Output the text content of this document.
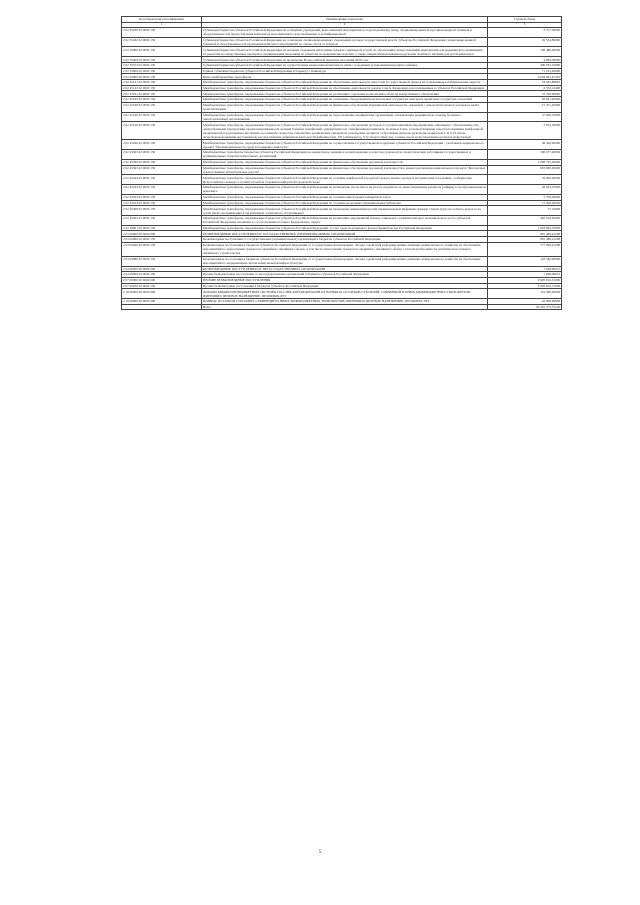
Код бюджетной классификации	Наименование показателя	Годовой объем
1	2	3
2 02 35430 02 0000 150	Субвенции бюджетам субъектов Российской Федерации на оснащение учреждений, выполняющих мероприятия по водоподъемному звену, специализированной противопожарной техникой и оборудованием для предоставления комплексов мероприятий по водоснабжению и дезинфекционной	5 757,50000
2 02 35432 02 0000 150	Субвенции бюджетам субъектов Российской Федерации на оснащение специализированных учреждений органов государственной власти субъектов Российской Федерации специализированной техникой и оборудованием для проведения комплекса мероприятий по охране лесов от пожаров	45 554,80000
2 02 35900 02 0000 150	Субвенции бюджетам субъектов Российской Федерации на оказание отдельным категориям граждан социальной услуги по обеспечению лекарственными препаратами для медицинского применения по рецептам на лекарственные препараты, медицинскими изделиями по рецептам на медицинские изделия, а также специализированными продуктами лечебного питания для детей-инвалидов	109 486,00000
2 02 35469 02 0000 150	Субвенции бюджетам субъектов Российской Федерации на проведение Всероссийской переписи населения 2020 года	4 984,30000
2 02 35573 02 0000 150	Субвенции бюджетам субъектов Российской Федерации на осуществление ежемесячной выплаты в связи с рождением (усыновлением) первого ребенка	300 033,10000
2 02 35900 02 0000 150	Единая субвенция бюджетам субъектов Российской Федерации и бюджету г. Байконура	71 613,20000
2 02 40000 00 0000 150	Иные межбюджетные трансферты	4 644 822,47432
2 02 45141 02 0000 150	Межбюджетные трансферты, передаваемые бюджетам субъектов Российской Федерации на обеспечение деятельности депутатов Государственной Думы и их помощников в избирательных округах	18 645,88802
2 02 45142 02 0000 150	Межбюджетные трансферты, передаваемые бюджетам субъектов Российской Федерации на обеспечение деятельности членов Совета Федерации и их помощников в субъектах Российской Федерации	6 552,12400
2 02 45161 02 0000 150	Межбюджетные трансферты, передаваемые бюджетам субъектов Российской Федерации на реализацию отдельных полномочий в области лекарственного обеспечения	31 700,90000
2 02 45192 02 0000 150	Межбюджетные трансферты, передаваемые бюджетам субъектов Российской Федерации на оснащение оборудованием региональных сосудистых центров и первичных сосудистых отделений	82 841,40000
2 02 45198 02 0000 150	Межбюджетные трансферты, передаваемые бюджетам субъектов Российской Федерации на финансовое обеспечение медицинской деятельности, связанной с донорством органов человека в целях трансплантации	15 471,20000
2 02 45190 02 0000 150	Межбюджетные трансферты, передаваемые бюджетам субъектов Российской Федерации на переоснащение медицинских организаций, оказывающих медицинскую помощь больным с онкологическими заболеваниями	37 906,70000
2 02 45216 02 0000 150	Межбюджетные трансферты, передаваемые бюджетам субъектов Российской Федерации на финансовое обеспечение расходов по организационным мероприятиям, связанным с обеспечением лиц лекарственными препаратами, предназначенными для лечения больных гемофилией, муковисцидозом, гипофизарным нанизмом, болезнью Гоше, злокачественными новообразованиями лимфоидной, кроветворной и родственных им тканей, рассеянным склерозом, гемолитико-уремическим синдромом, юношеским артритом с системным началом, мукополисахаридозом I, II и VI типов, апластической анемией неуточненной, наследственным дефицитом факторов II (фибриногена), VII (лабильного), X (Стюарта-Прауэра), а также после трансплантации органов и (или) тканей	2 812,30000
2 02 45296 02 0000 150	Межбюджетные трансферты, передаваемые бюджетам субъектов Российской Федерации на осуществление государственной поддержки субъектов Российской Федерации - участников национального проекта "Производительность труда и поддержка занятости"	49 500,00000
2 02 45303 02 0000 150	Межбюджетные трансферты бюджетам субъектов Российской Федерации на ежемесячное денежное вознаграждение за классное руководство педагогическим работникам государственных и муниципальных общеобразовательных организаций	390 077,40000
2 02 45390 02 0000 150	Межбюджетные трансферты, передаваемые бюджетам субъектов Российской Федерации на финансовое обеспечение дорожной деятельности	1 998 725,20000
2 02 45393 02 0000 150	Межбюджетные трансферты, передаваемые бюджетам субъектов Российской Федерации на финансовое обеспечение дорожной деятельности в рамках реализации национального проекта "Безопасные и качественные автомобильные дороги"	683 000,00000
2 02 45424 02 0000 150	Межбюджетные трансферты, передаваемые бюджетам субъектов Российской Федерации на создание комфортной городской среды в малых городах и исторических поселениях - победителях Всероссийского конкурса лучших проектов создания комфортной городской среды	70 000,00000
2 02 45433 02 0000 150	Межбюджетные трансферты, передаваемые бюджетам субъектов Российской Федерации на возмещение части затрат на уплату процентов по инвестиционным кредитам (займам) в агропромышленном комплексе	20 954,10000
2 02 45453 02 0000 150	Межбюджетные трансферты, передаваемые бюджетам субъектов Российской Федерации на создание виртуальных концертных залов	5 700,00000
2 02 45454 02 0000 150	Межбюджетные трансферты, передаваемые бюджетам субъектов Российской Федерации на создание модельных муниципальных библиотек	15 000,00000
2 02 45468 02 0000 150	Межбюджетные трансферты, передаваемые бюджетам субъектов Российской Федерации на проведение вакцинации против пневмококковой инфекции граждан старше трудоспособного возраста из групп риска, проживающих в организациях социального обслуживания	57,10000
2 02 45505 02 0000 150	Межбюджетные трансферты, передаваемые бюджетам субъектов Российской Федерации на реализацию мероприятий планов социального развития центров экономического роста субъектов Российской Федерации, входящих в состав Дальневосточного федерального округа	405 504,40000
2 02 49001 02 0000 150	Межбюджетные трансферты, передаваемые бюджетам субъектов Российской Федерации, за счет средств резервного фонда Правительства Российской Федерации	1 043 894,70000
2 03 00000 00 0000 000	БЕЗВОЗМЕЗДНЫЕ ПОСТУПЛЕНИЯ ОТ ГОСУДАРСТВЕННЫХ (МУНИЦИПАЛЬНЫХ) ОРГАНИЗАЦИЙ	881 489,91298
2 03 02000 02 0000 150	Безвозмездные поступления от государственных (муниципальных) организаций в бюджеты субъектов Российской Федерации	881 489,91298
2 03 02040 02 0000 150	Безвозмездные поступления в бюджеты субъектов Российской Федерации от государственной корпорации - Фонда содействия реформированию жилищно-коммунального хозяйства на обеспечение мероприятий по переселению граждан из аварийного жилищного фонда, в том числе переселению граждан из аварийного жилищного фонда с учетом необходимости развития малоэтажного жилищного строительства	777 929,91298
2 03 02080 02 0000 150	Безвозмездные поступления в бюджеты субъектов Российской Федерации от государственной корпорации - Фонда содействия реформированию жилищно-коммунального хозяйства на обеспечение мероприятий по модернизации систем коммунальной инфраструктуры	103 560,00000
2 04 00000 00 0000 000	БЕЗВОЗМЕЗДНЫЕ ПОСТУПЛЕНИЯ ОТ НЕГОСУДАРСТВЕННЫХ ОРГАНИЗАЦИЙ	7 648,00013
2 04 02099 02 0000 150	Прочие безвозмездные поступления от негосударственных организаций в бюджеты субъектов Российской Федерации	7 648,00013
2 07 00000 00 0000 000	ПРОЧИЕ БЕЗВОЗМЕЗДНЫЕ ПОСТУПЛЕНИЯ	9 905 816,31006
2 07 02030 02 0000 150	Прочие безвозмездные поступления в бюджеты субъектов Российской Федерации	9 905 816,31006
2 18 00000 00 0000 000	ДОХОДЫ БЮДЖЕТОВ БЮДЖЕТНОЙ СИСТЕМЫ РОССИЙСКОЙ ФЕДЕРАЦИИ ОТ ВОЗВРАТА ОСТАТКОВ СУБСИДИЙ, СУБВЕНЦИЙ И ИНЫХ МЕЖБЮДЖЕТНЫХ ТРАНСФЕРТОВ, ИМЕЮЩИХ ЦЕЛЕВОЕ НАЗНАЧЕНИЕ, ПРОШЛЫХ ЛЕТ	341 580,26609
2 19 00000 00 0000 000	ВОЗВРАТ ОСТАТКОВ СУБСИДИЙ, СУБВЕНЦИЙ И ИНЫХ МЕЖБЮДЖЕТНЫХ ТРАНСФЕРТОВ, ИМЕЮЩИХ ЦЕЛЕВОЕ НАЗНАЧЕНИЕ, ПРОШЛЫХ ЛЕТ	-42 096,69858
	Всего	99 491 275,75220
5
